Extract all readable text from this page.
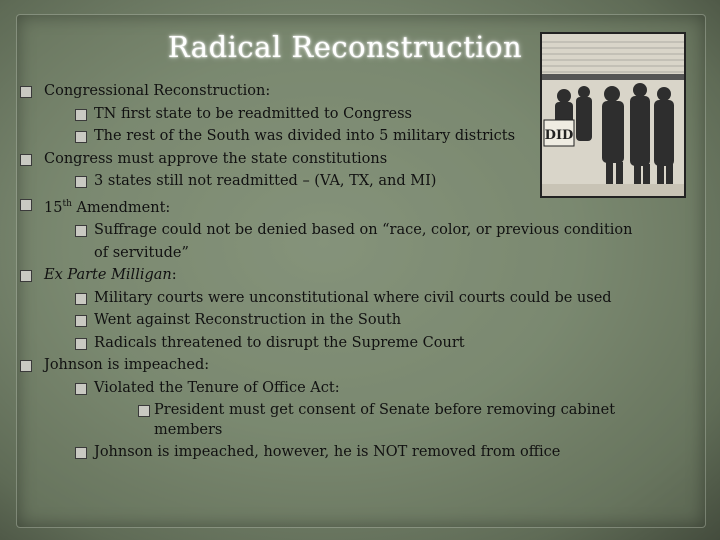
Radical Reconstruction
DID
Congressional Reconstruction:
TN first state to be readmitted to Congress
The rest of the South was divided into 5 military districts
Congress must approve the state constitutions
3 states still not readmitted – (VA, TX, and MI)
15th Amendment:
Suffrage could not be denied based on “race, color, or previous condition
of servitude”
Ex Parte Milligan:
Military courts were unconstitutional where civil courts could be used
Went against Reconstruction in the South
Radicals threatened to disrupt the Supreme Court
Johnson is impeached:
Violated the Tenure of Office Act:
President must get consent of Senate before removing cabinet
members
Johnson is impeached, however, he is NOT removed from office
